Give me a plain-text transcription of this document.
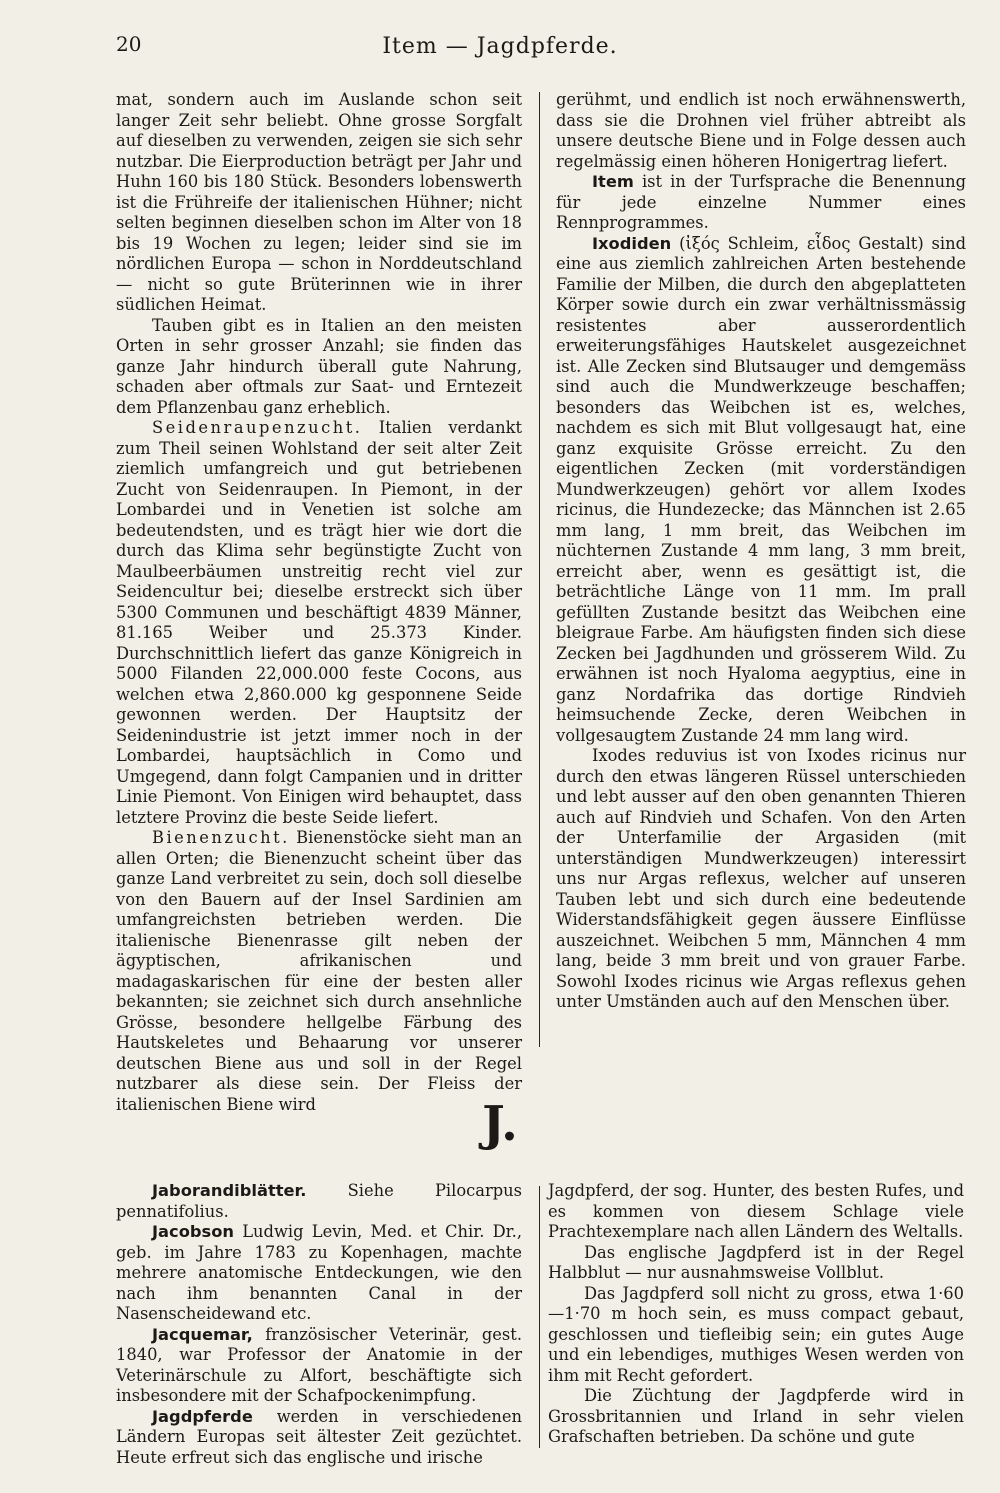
20	Item — Jagdpferde.

mat, sondern auch im Auslande schon seit langer Zeit sehr beliebt. Ohne grosse Sorgfalt auf dieselben zu verwenden, zeigen sie sich sehr nutzbar. Die Eierproduction beträgt per Jahr und Huhn 160 bis 180 Stück. Besonders lobenswerth ist die Frühreife der italienischen Hühner; nicht selten beginnen dieselben schon im Alter von 18 bis 19 Wochen zu legen; leider sind sie im nördlichen Europa — schon in Norddeutschland — nicht so gute Brüterinnen wie in ihrer südlichen Heimat.

Tauben gibt es in Italien an den meisten Orten in sehr grosser Anzahl; sie finden das ganze Jahr hindurch überall gute Nahrung, schaden aber oftmals zur Saat- und Erntezeit dem Pflanzenbau ganz erheblich.

Seidenraupenzucht. Italien verdankt zum Theil seinen Wohlstand der seit alter Zeit ziemlich umfangreich und gut betriebenen Zucht von Seidenraupen. In Piemont, in der Lombardei und in Venetien ist solche am bedeutendsten, und es trägt hier wie dort die durch das Klima sehr begünstigte Zucht von Maulbeerbäumen unstreitig recht viel zur Seidencultur bei; dieselbe erstreckt sich über 5300 Communen und beschäftigt 4839 Männer, 81.165 Weiber und 25.373 Kinder. Durchschnittlich liefert das ganze Königreich in 5000 Filanden 22,000.000 feste Cocons, aus welchen etwa 2,860.000 kg gesponnene Seide gewonnen werden. Der Hauptsitz der Seidenindustrie ist jetzt immer noch in der Lombardei, hauptsächlich in Como und Umgegend, dann folgt Campanien und in dritter Linie Piemont. Von Einigen wird behauptet, dass letztere Provinz die beste Seide liefert.

Bienenzucht. Bienenstöcke sieht man an allen Orten; die Bienenzucht scheint über das ganze Land verbreitet zu sein, doch soll dieselbe von den Bauern auf der Insel Sardinien am umfangreichsten betrieben werden. Die italienische Bienenrasse gilt neben der ägyptischen, afrikanischen und madagaskarischen für eine der besten aller bekannten; sie zeichnet sich durch ansehnliche Grösse, besondere hellgelbe Färbung des Hautskeletes und Behaarung vor unserer deutschen Biene aus und soll in der Regel nutzbarer als diese sein. Der Fleiss der italienischen Biene wird

gerühmt, und endlich ist noch erwähnenswerth, dass sie die Drohnen viel früher abtreibt als unsere deutsche Biene und in Folge dessen auch regelmässig einen höheren Honigertrag liefert.

Item ist in der Turfsprache die Benennung für jede einzelne Nummer eines Rennprogrammes.

Ixodiden (ἰξός Schleim, εἶδος Gestalt) sind eine aus ziemlich zahlreichen Arten bestehende Familie der Milben, die durch den abgeplatteten Körper sowie durch ein zwar verhältnissmässig resistentes aber ausserordentlich erweiterungsfähiges Hautskelet ausgezeichnet ist. Alle Zecken sind Blutsauger und demgemäss sind auch die Mundwerkzeuge beschaffen; besonders das Weibchen ist es, welches, nachdem es sich mit Blut vollgesaugt hat, eine ganz exquisite Grösse erreicht. Zu den eigentlichen Zecken (mit vorderständigen Mundwerkzeugen) gehört vor allem Ixodes ricinus, die Hundezecke; das Männchen ist 2.65 mm lang, 1 mm breit, das Weibchen im nüchternen Zustande 4 mm lang, 3 mm breit, erreicht aber, wenn es gesättigt ist, die beträchtliche Länge von 11 mm. Im prall gefüllten Zustande besitzt das Weibchen eine bleigraue Farbe. Am häufigsten finden sich diese Zecken bei Jagdhunden und grösserem Wild. Zu erwähnen ist noch Hyaloma aegyptius, eine in ganz Nordafrika das dortige Rindvieh heimsuchende Zecke, deren Weibchen in vollgesaugtem Zustande 24 mm lang wird.

Ixodes reduvius ist von Ixodes ricinus nur durch den etwas längeren Rüssel unterschieden und lebt ausser auf den oben genannten Thieren auch auf Rindvieh und Schafen. Von den Arten der Unterfamilie der Argasiden (mit unterständigen Mundwerkzeugen) interessirt uns nur Argas reflexus, welcher auf unseren Tauben lebt und sich durch eine bedeutende Widerstandsfähigkeit gegen äussere Einflüsse auszeichnet. Weibchen 5 mm, Männchen 4 mm lang, beide 3 mm breit und von grauer Farbe. Sowohl Ixodes ricinus wie Argas reflexus gehen unter Umständen auch auf den Menschen über.

J.

Jaborandiblätter. Siehe Pilocarpus pennatifolius.

Jacobson Ludwig Levin, Med. et Chir. Dr., geb. im Jahre 1783 zu Kopenhagen, machte mehrere anatomische Entdeckungen, wie den nach ihm benannten Canal in der Nasenscheidewand etc.

Jacquemar, französischer Veterinär, gest. 1840, war Professor der Anatomie in der Veterinärschule zu Alfort, beschäftigte sich insbesondere mit der Schafpockenimpfung.

Jagdpferde werden in verschiedenen Ländern Europas seit ältester Zeit gezüchtet. Heute erfreut sich das englische und irische

Jagdpferd, der sog. Hunter, des besten Rufes, und es kommen von diesem Schlage viele Prachtexemplare nach allen Ländern des Weltalls.

Das englische Jagdpferd ist in der Regel Halbblut — nur ausnahmsweise Vollblut.

Das Jagdpferd soll nicht zu gross, etwa 1·60—1·70 m hoch sein, es muss compact gebaut, geschlossen und tiefleibig sein; ein gutes Auge und ein lebendiges, muthiges Wesen werden von ihm mit Recht gefordert.

Die Züchtung der Jagdpferde wird in Grossbritannien und Irland in sehr vielen Grafschaften betrieben. Da schöne und gute
